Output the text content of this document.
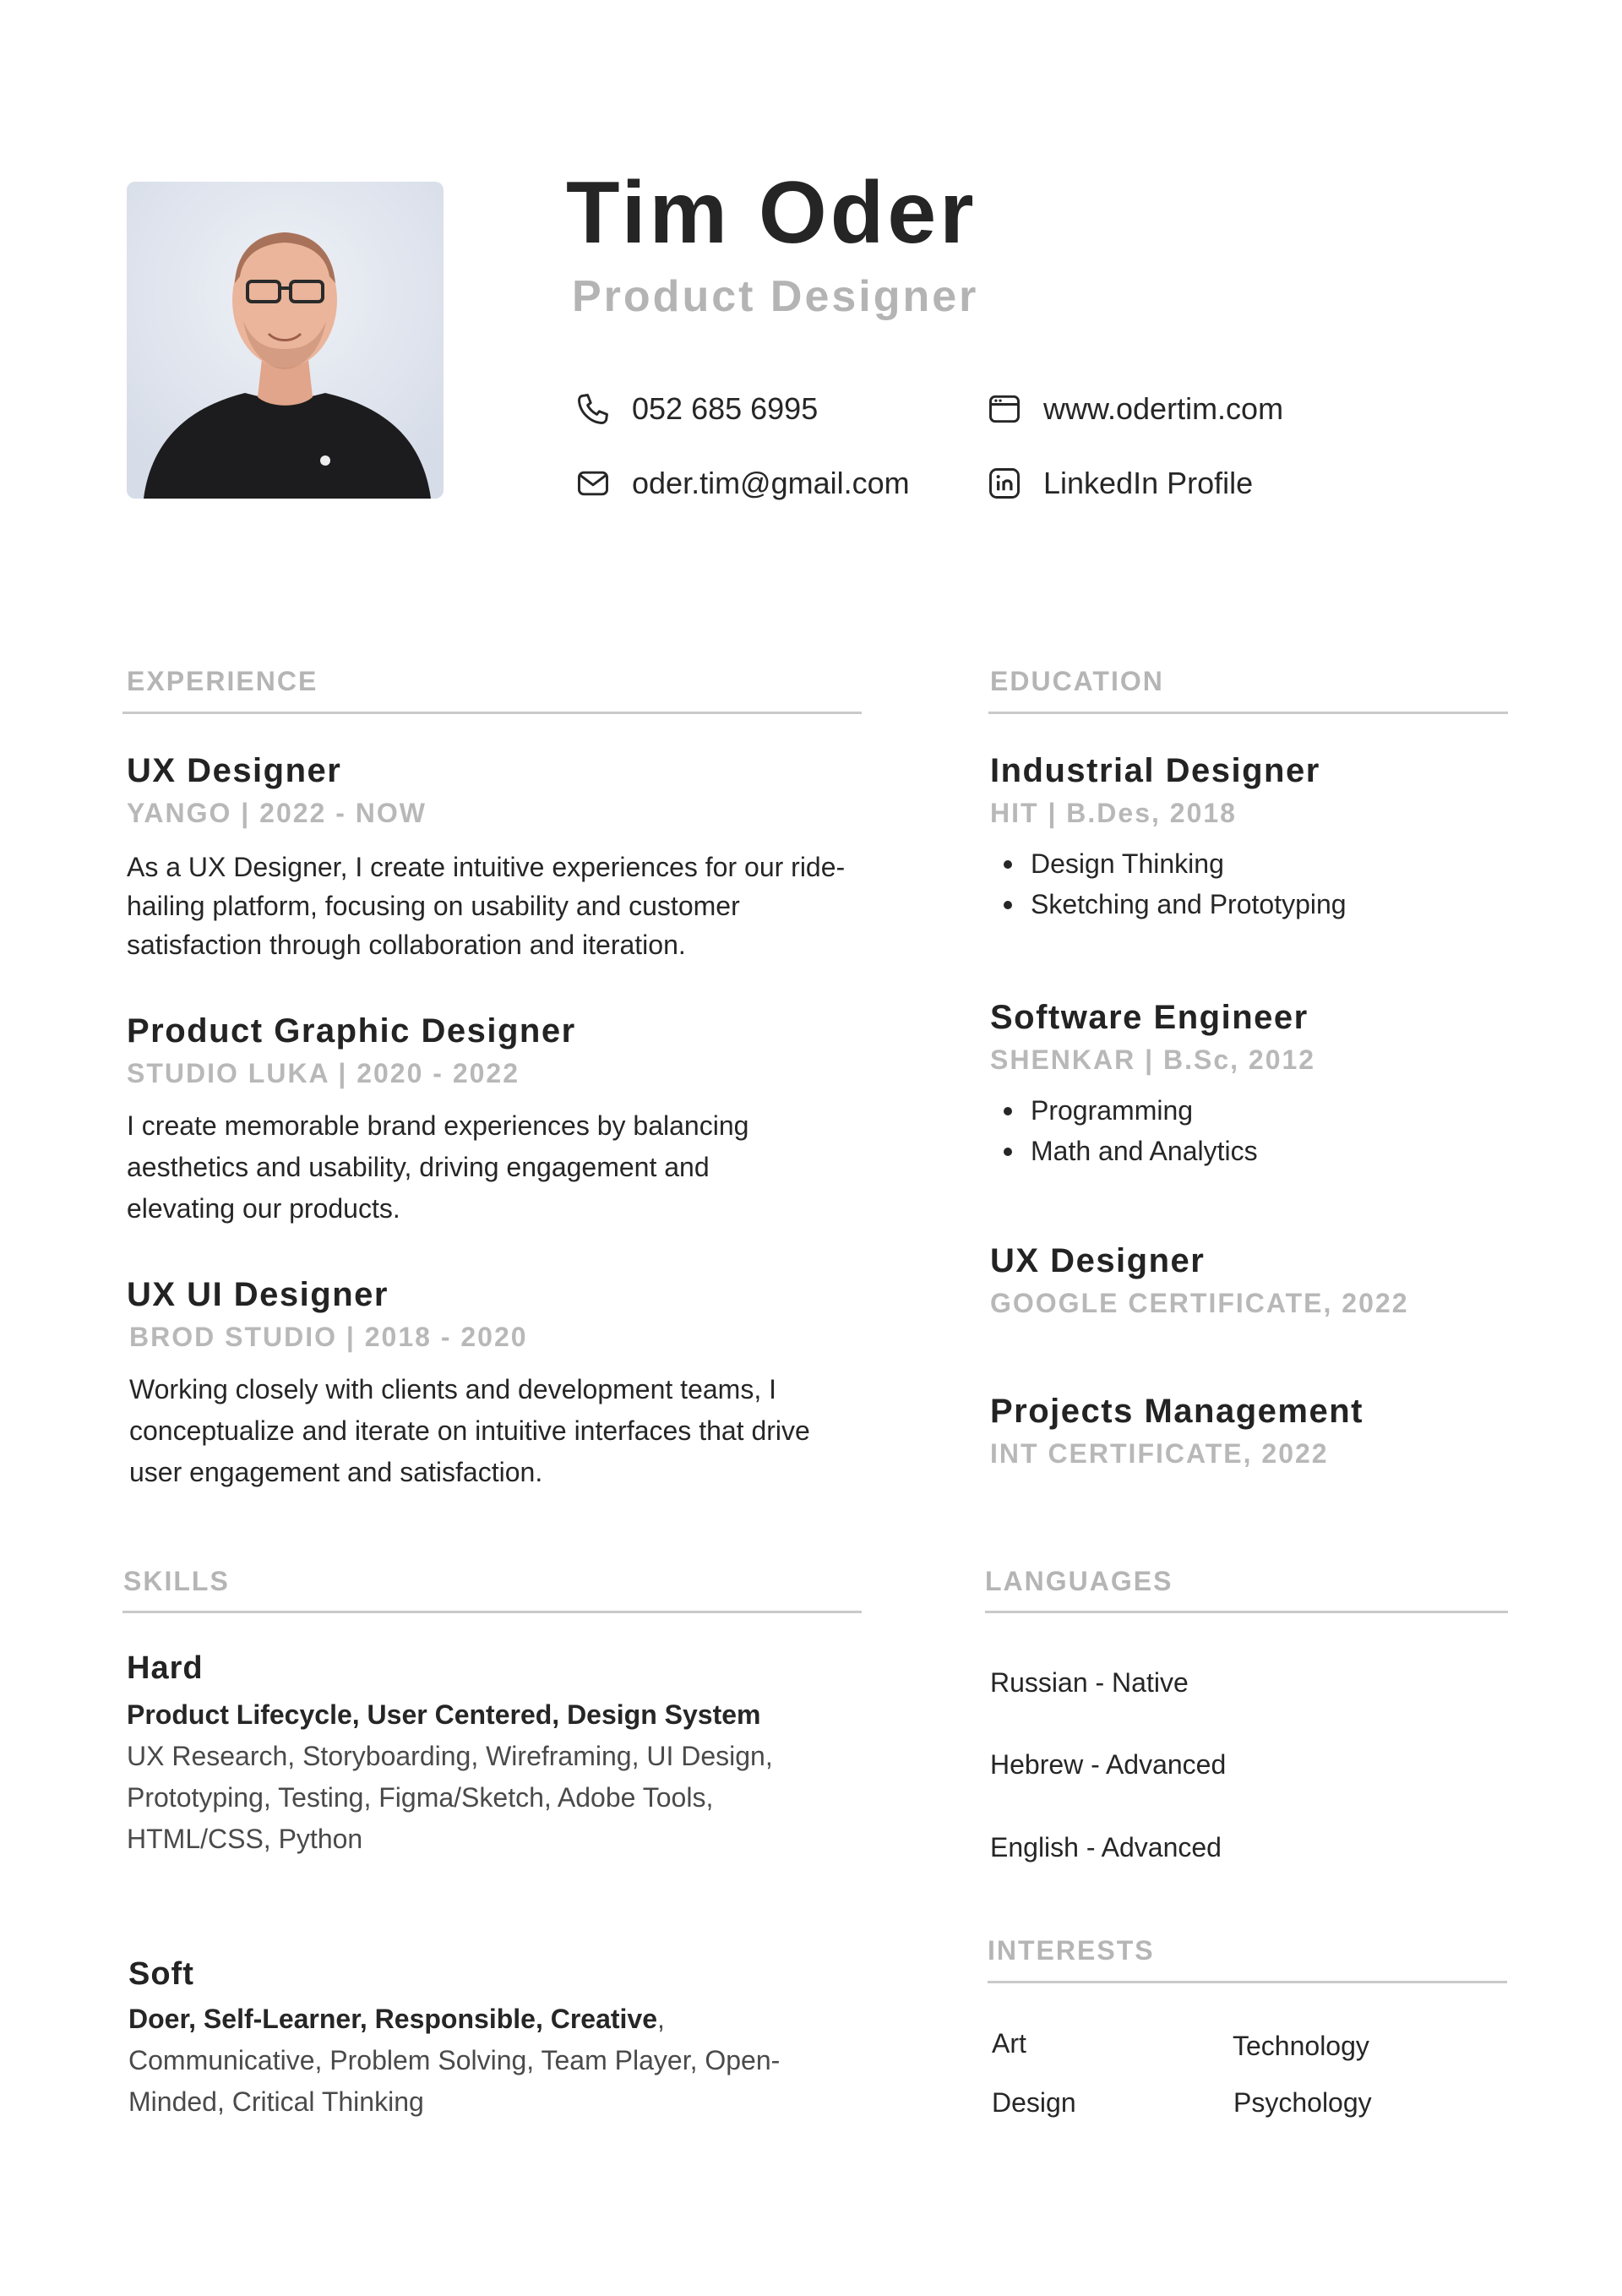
Tim Oder
Product Designer
052 685 6995	www.odertim.com
oder.tim@gmail.com	LinkedIn Profile
EXPERIENCE
UX Designer
YANGO | 2022 - NOW
As a UX Designer, I create intuitive experiences for our ride-hailing platform, focusing on usability and customer satisfaction through collaboration and iteration.
Product Graphic Designer
STUDIO LUKA | 2020 - 2022
I create memorable brand experiences by balancing aesthetics and usability, driving engagement and elevating our products.
UX UI Designer
BROD STUDIO | 2018 - 2020
Working closely with clients and development teams, I conceptualize and iterate on intuitive interfaces that drive user engagement and satisfaction.
EDUCATION
Industrial Designer
HIT | B.Des, 2018
Design Thinking
Sketching and Prototyping
Software Engineer
SHENKAR | B.Sc, 2012
Programming
Math and Analytics
UX Designer
GOOGLE CERTIFICATE, 2022
Projects Management
INT CERTIFICATE, 2022
SKILLS
Hard
Product Lifecycle, User Centered, Design System
UX Research, Storyboarding, Wireframing, UI Design, Prototyping, Testing, Figma/Sketch, Adobe Tools, HTML/CSS, Python
Soft
Doer, Self-Learner, Responsible, Creative, Communicative, Problem Solving, Team Player, Open-Minded, Critical Thinking
LANGUAGES
Russian - Native
Hebrew - Advanced
English - Advanced
INTERESTS
Art	Technology
Design	Psychology
